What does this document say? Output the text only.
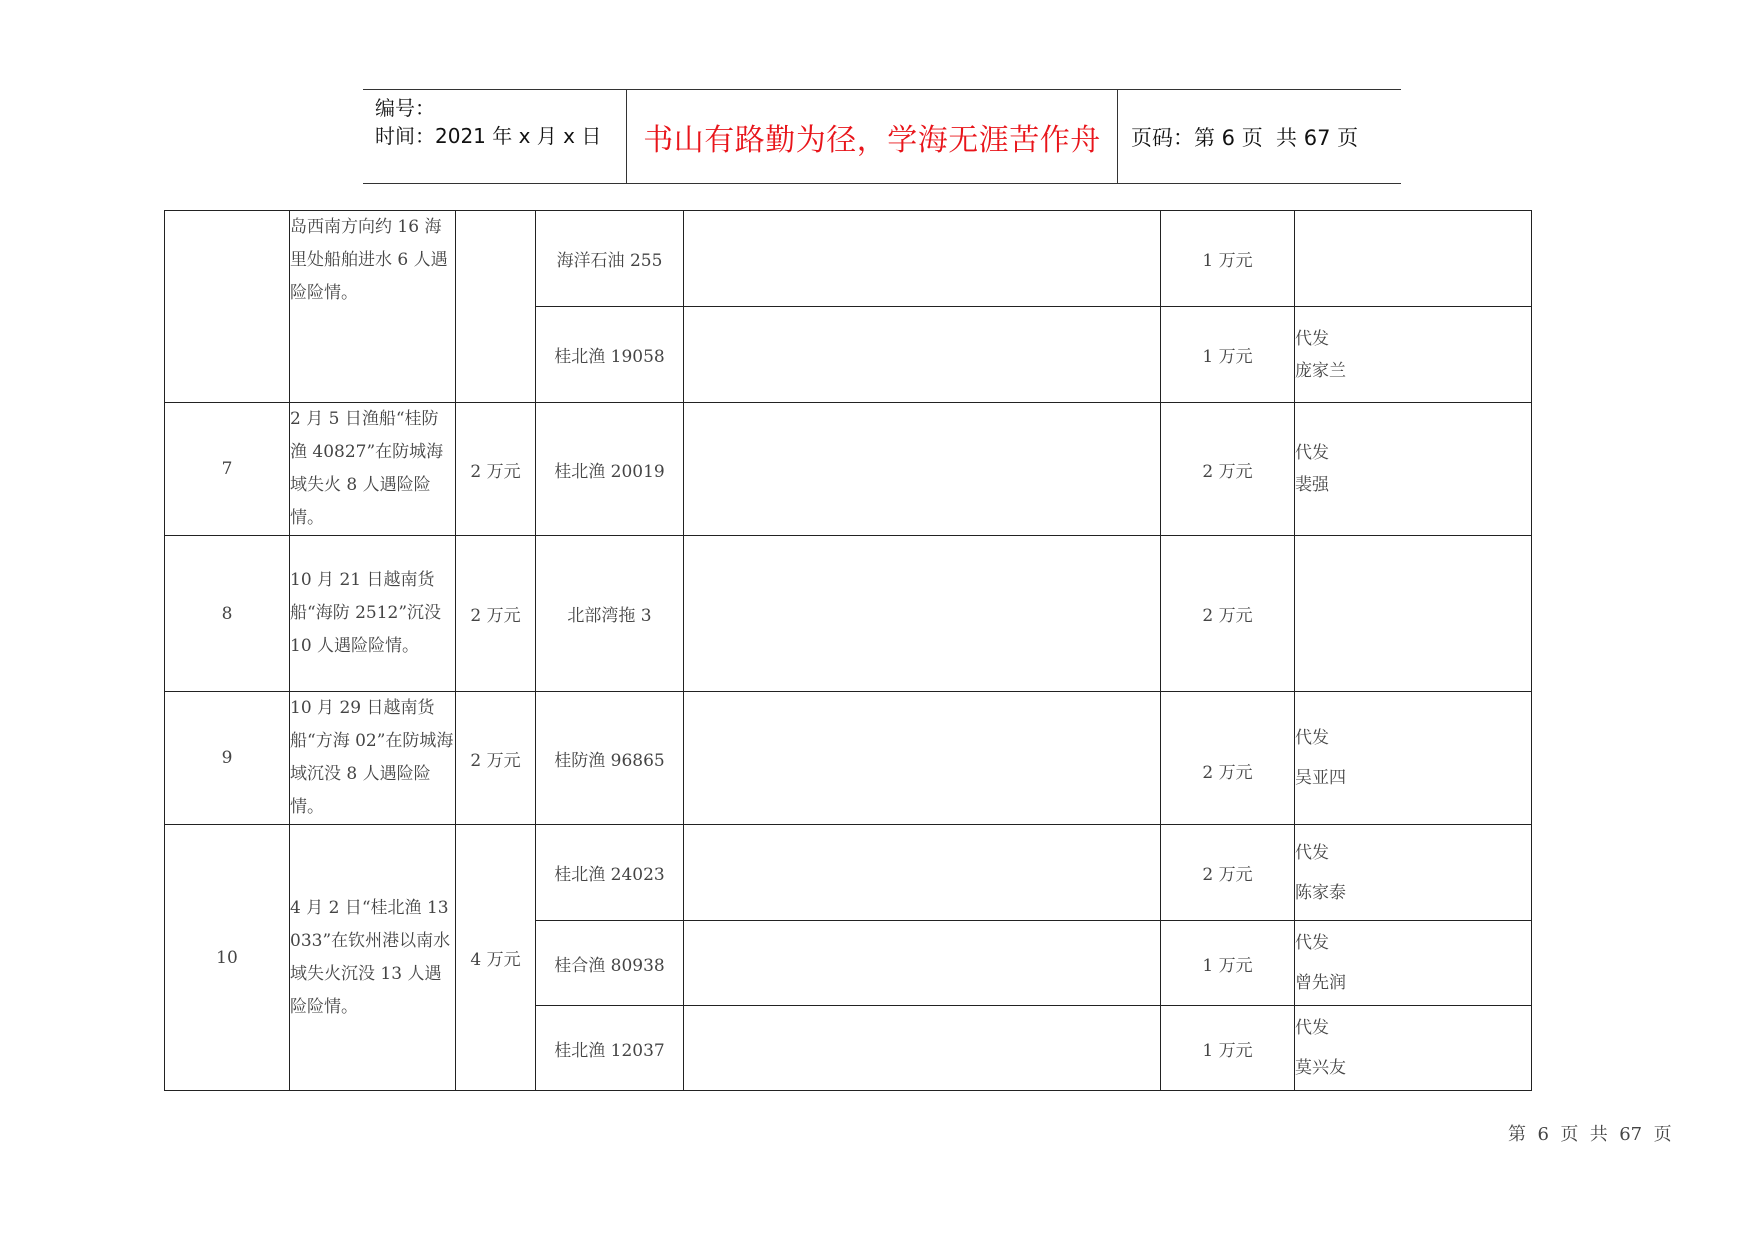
编号：
时间：2021 年 x 月 x 日	书山有路勤为径，学海无涯苦作舟	页码：第 6 页  共 67 页
	岛西南方向约 16 海里处船舶进水 6 人遇险险情。		海洋石油 255		1 万元	

			桂北渔 19058		1 万元	代发
庞家兰

7	2 月 5 日渔船“桂防渔 40827”在防城海域失火 8 人遇险险情。	2 万元	桂北渔 20019		2 万元	代发
裴强

8	10 月 21 日越南货船“海防 2512”沉没 10 人遇险险情。	2 万元	北部湾拖 3		2 万元	

9	10 月 29 日越南货船“方海 02”在防城海域沉没 8 人遇险险情。	2 万元	桂防渔 96865		2 万元	代发
吴亚四

10	4 月 2 日“桂北渔 13033”在钦州港以南水域失火沉没 13 人遇险险情。	4 万元	桂北渔 24023		2 万元	代发
陈家泰

			桂合渔 80938		1 万元	代发
曾先润

			桂北渔 12037		1 万元	代发
莫兴友
第  6  页  共  67  页
